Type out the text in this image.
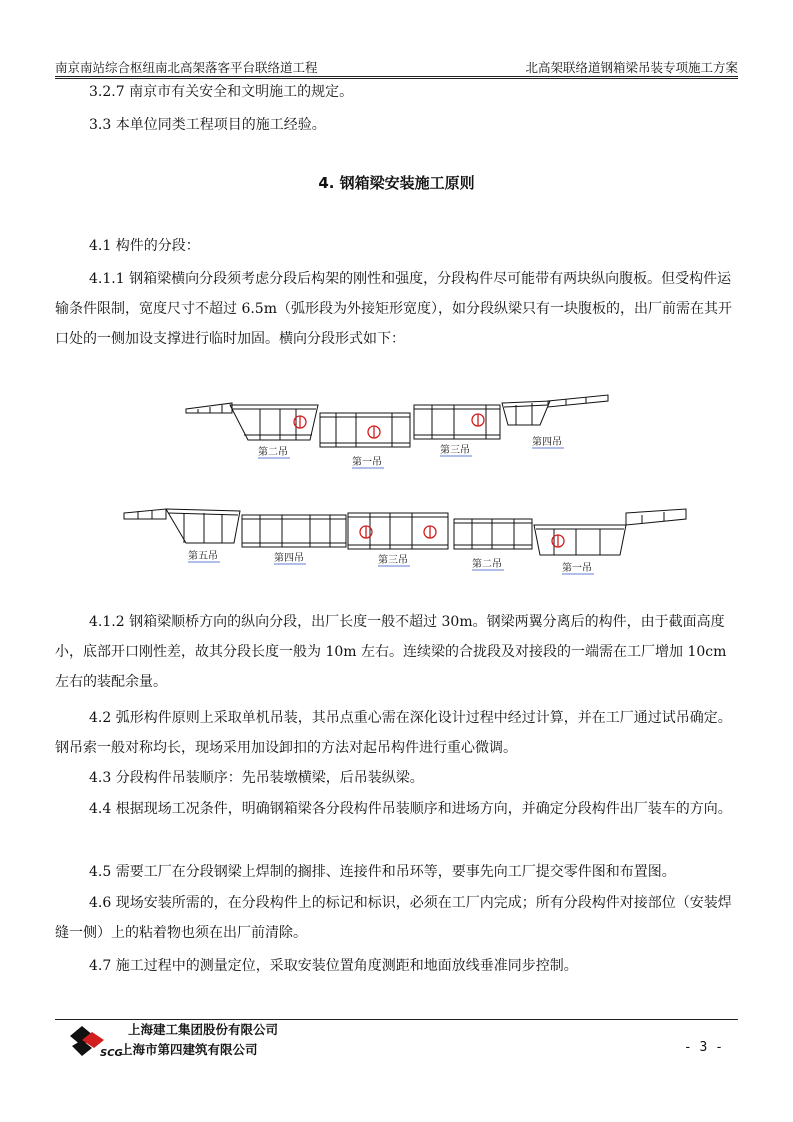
南京南站综合枢纽南北高架落客平台联络道工程	北高架联络道钢箱梁吊装专项施工方案

3.2.7 南京市有关安全和文明施工的规定。

3.3 本单位同类工程项目的施工经验。

4. 钢箱梁安装施工原则

4.1 构件的分段：

4.1.1 钢箱梁横向分段须考虑分段后构架的刚性和强度，分段构件尽可能带有两块纵向腹板。但受构件运输条件限制，宽度尺寸不超过 6.5m（弧形段为外接矩形宽度），如分段纵梁只有一块腹板的，出厂前需在其开口处的一侧加设支撑进行临时加固。横向分段形式如下：

第二吊
第一吊
第三吊
第四吊
第五吊	第四吊	第三吊	第二吊	第一吊

4.1.2 钢箱梁顺桥方向的纵向分段，出厂长度一般不超过 30m。钢梁两翼分离后的构件，由于截面高度小，底部开口刚性差，故其分段长度一般为 10m 左右。连续梁的合拢段及对接段的一端需在工厂增加 10cm 左右的装配余量。

4.2 弧形构件原则上采取单机吊装，其吊点重心需在深化设计过程中经过计算，并在工厂通过试吊确定。钢吊索一般对称均长，现场采用加设卸扣的方法对起吊构件进行重心微调。

4.3 分段构件吊装顺序：先吊装墩横梁，后吊装纵梁。

4.4 根据现场工况条件，明确钢箱梁各分段构件吊装顺序和进场方向，并确定分段构件出厂装车的方向。

4.5 需要工厂在分段钢梁上焊制的搁排、连接件和吊环等，要事先向工厂提交零件图和布置图。

4.6 现场安装所需的，在分段构件上的标记和标识，必须在工厂内完成；所有分段构件对接部位（安装焊缝一侧）上的粘着物也须在出厂前清除。

4.7 施工过程中的测量定位，采取安装位置角度测距和地面放线垂准同步控制。

SCG
上海建工集团股份有限公司
上海市第四建筑有限公司	- 3 -
